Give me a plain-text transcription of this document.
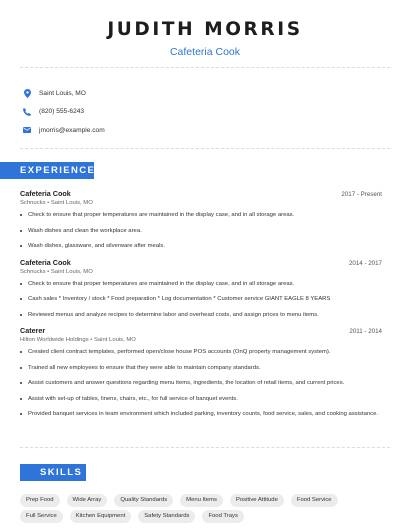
JUDITH MORRIS
Cafeteria Cook
Saint Louis, MO
(820) 555-6243
jmorris@example.com
EXPERIENCE
Cafeteria Cook	2017 - Present
Schnucks • Saint Louis, MO
Check to ensure that proper temperatures are maintained in the display case, and in all storage areas.
Wash dishes and clean the workplace area.
Wash dishes, glassware, and silverware after meals.
Cafeteria Cook	2014 - 2017
Schnucks • Saint Louis, MO
Check to ensure that proper temperatures are maintained in the display case, and in all storage areas.
Cash sales * Inventory / stock * Food preparation * Log documentation * Customer service GIANT EAGLE 8 YEARS
Reviewed menus and analyze recipes to determine labor and overhead costs, and assign prices to menu items.
Caterer	2011 - 2014
Hilton Worldwide Holdings • Saint Louis, MO
Created client contract templates, performed open/close house POS accounts (OnQ property management system).
Trained all new employees to ensure that they were able to maintain company standards.
Assist customers and answer questions regarding menu items, ingredients, the location of retail items, and current prices.
Assist with set-up of tables, linens, chairs, etc., for full service of banquet events.
Provided banquet services in team environment which included parking, inventory counts, food service, sales, and cooking assistance.
SKILLS
Prep Food	Wide Array	Quality Standards	Menu Items	Positive Attitude	Food Service
Full Service	Kitchen Equipment	Safety Standards	Food Trays
